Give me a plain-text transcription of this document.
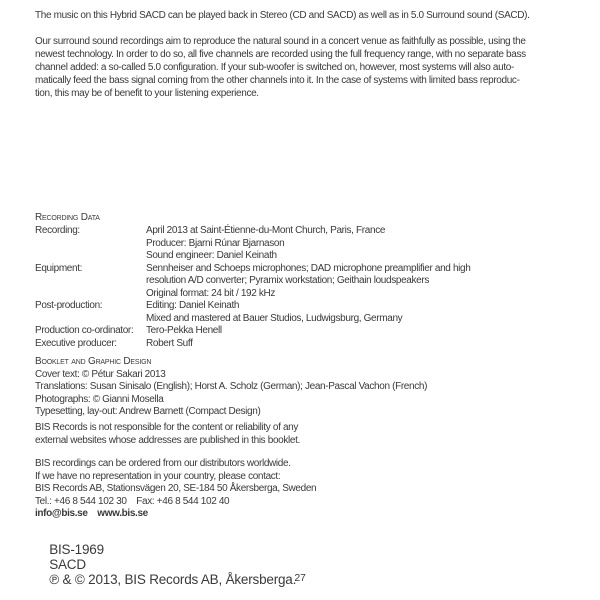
The music on this Hybrid SACD can be played back in Stereo (CD and SACD) as well as in 5.0 Surround sound (SACD).
Our surround sound recordings aim to reproduce the natural sound in a concert venue as faithfully as possible, using the
newest technology. In order to do so, all five channels are recorded using the full frequency range, with no separate bass
channel added: a so-called 5.0 configuration. If your sub-woofer is switched on, however, most systems will also auto-
matically feed the bass signal coming from the other channels into it. In the case of systems with limited bass reproduc-
tion, this may be of benefit to your listening experience.
Recording Data
Recording:	April 2013 at Saint-Étienne-du-Mont Church, Paris, France
Producer: Bjarni Rúnar Bjarnason
Sound engineer: Daniel Keinath
Equipment:	Sennheiser and Schoeps microphones; DAD microphone preamplifier and high
resolution A/D converter; Pyramix workstation; Geithain loudspeakers
Original format: 24 bit / 192 kHz
Post-production:	Editing: Daniel Keinath
Mixed and mastered at Bauer Studios, Ludwigsburg, Germany
Production co-ordinator:	Tero-Pekka Henell
Executive producer:	Robert Suff
Booklet and Graphic Design
Cover text: © Pétur Sakari 2013
Translations: Susan Sinisalo (English); Horst A. Scholz (German); Jean-Pascal Vachon (French)
Photographs: © Gianni Mosella
Typesetting, lay-out: Andrew Barnett (Compact Design)
BIS Records is not responsible for the content or reliability of any
external websites whose addresses are published in this booklet.
BIS recordings can be ordered from our distributors worldwide.
If we have no representation in your country, please contact:
BIS Records AB, Stationsvägen 20, SE-184 50 Åkersberga, Sweden
Tel.: +46 8 544 102 30    Fax: +46 8 544 102 40
info@bis.se    www.bis.se

BIS-1969
SACD
℗ & © 2013, BIS Records AB, Åkersberga.

27
